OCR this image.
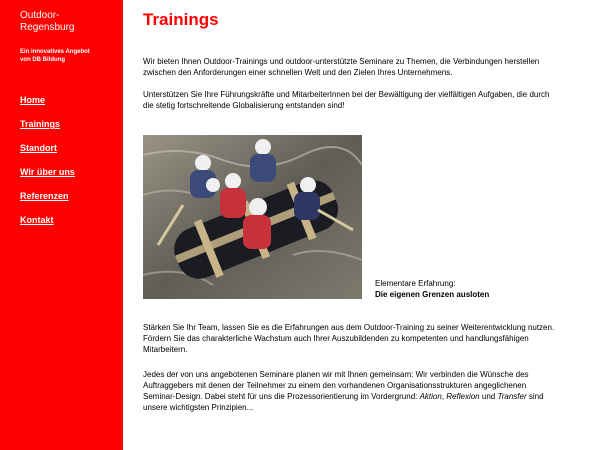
Outdoor-
Regensburg
Ein innovatives Angebot
von DB Bildung
Home
Trainings
Standort
Wir über uns
Referenzen
Kontakt
Trainings

Wir bieten Ihnen Outdoor-Trainings und outdoor-unterstützte Seminare zu Themen, die Verbindungen herstellen zwischen den Anforderungen einer schnellen Welt und den Zielen Ihres Unternehmens.

Unterstützen Sie Ihre Führungskräfte und MitarbeiterInnen bei der Bewältigung der vielfältigen Aufgaben, die durch die stetig fortschreitende Globalisierung entstanden sind!

Elementare Erfahrung:
Die eigenen Grenzen ausloten

Stärken Sie Ihr Team, lassen Sie es die Erfahrungen aus dem Outdoor-Training zu seiner Weiterentwicklung nutzen. Fördern Sie das charakterliche Wachstum auch Ihrer Auszubildenden zu kompetenten und handlungsfähigen Mitarbeitern.

Jedes der von uns angebotenen Seminare planen wir mit Ihnen gemeinsam: Wir verbinden die Wünsche des Auftraggebers mit denen der Teilnehmer zu einem den vorhandenen Organisationsstrukturen angeglichenen Seminar-Design. Dabei steht für uns die Prozessorientierung im Vordergrund: Aktion, Reflexion und Transfer sind unsere wichtigsten Prinzipien...
